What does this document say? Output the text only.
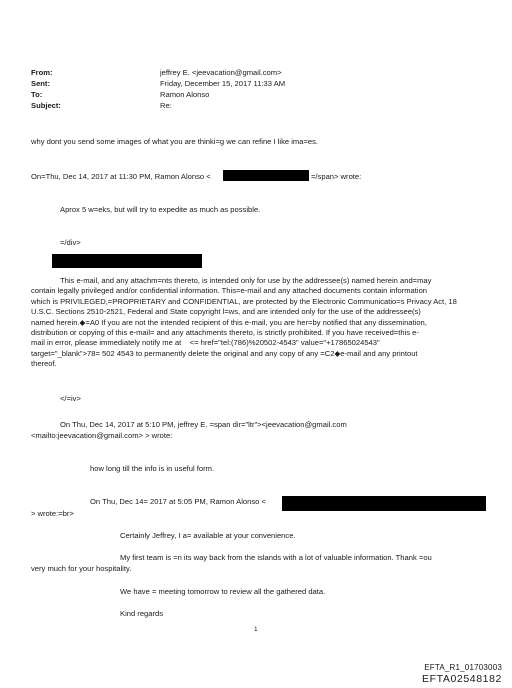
From:	jeffrey E. <jeevacation@gmail.com>
Sent:	Friday, December 15, 2017 11:33 AM
To:	Ramon Alonso
Subject:	Re:
why dont you send some images of what you are thinki=g we can refine I like ima=es.
On=Thu, Dec 14, 2017 at 11:30 PM, Ramon Alonso <	=/span> wrote:
Aprox 5 w=eks, but will try to expedite as much as possible.
=/div>
This e-mail, and any attachm=nts thereto, is intended only for use by the addressee(s) named herein and=may
contain legally privileged and/or confidential information. This=e-mail and any attached documents contain information
which is PRIVILEGED,=PROPRIETARY and CONFIDENTIAL, are protected by the Electronic Communicatio=s Privacy Act, 18
U.S.C. Sections 2510-2521, Federal and State copyright l=ws, and are intended only for the use of the addressee(s)
named herein.◆=A0 If you are not the intended recipient of this e-mail, you are her=by notified that any dissemination,
distribution or copying of this e-mail= and any attachments thereto, is strictly prohibited. If you have received=this e-
mail in error, please immediately notify me at    <= href="tel:(786)%20502-4543" value="+17865024543"
target="_blank">78= 502 4543 to permanently delete the original and any copy of any =C2◆e-mail and any printout
thereof.
</=iv>
On Thu, Dec 14, 2017 at 5:10 PM, jeffrey E. =span dir="ltr"><jeevacation@gmail.com
<mailto:jeevacation@gmail.com> > wrote:
how long till the info is in useful form.
On Thu, Dec 14= 2017 at 5:05 PM, Ramon Alonso <
> wrote:=br>
Certainly Jeffrey, I a= available at your convenience.
My first team is =n its way back from the islands with a lot of valuable information. Thank =ou
very much for your hospitality.
We have = meeting tomorrow to review all the gathered data.
Kind regards
1
EFTA_R1_01703003
EFTA02548182
